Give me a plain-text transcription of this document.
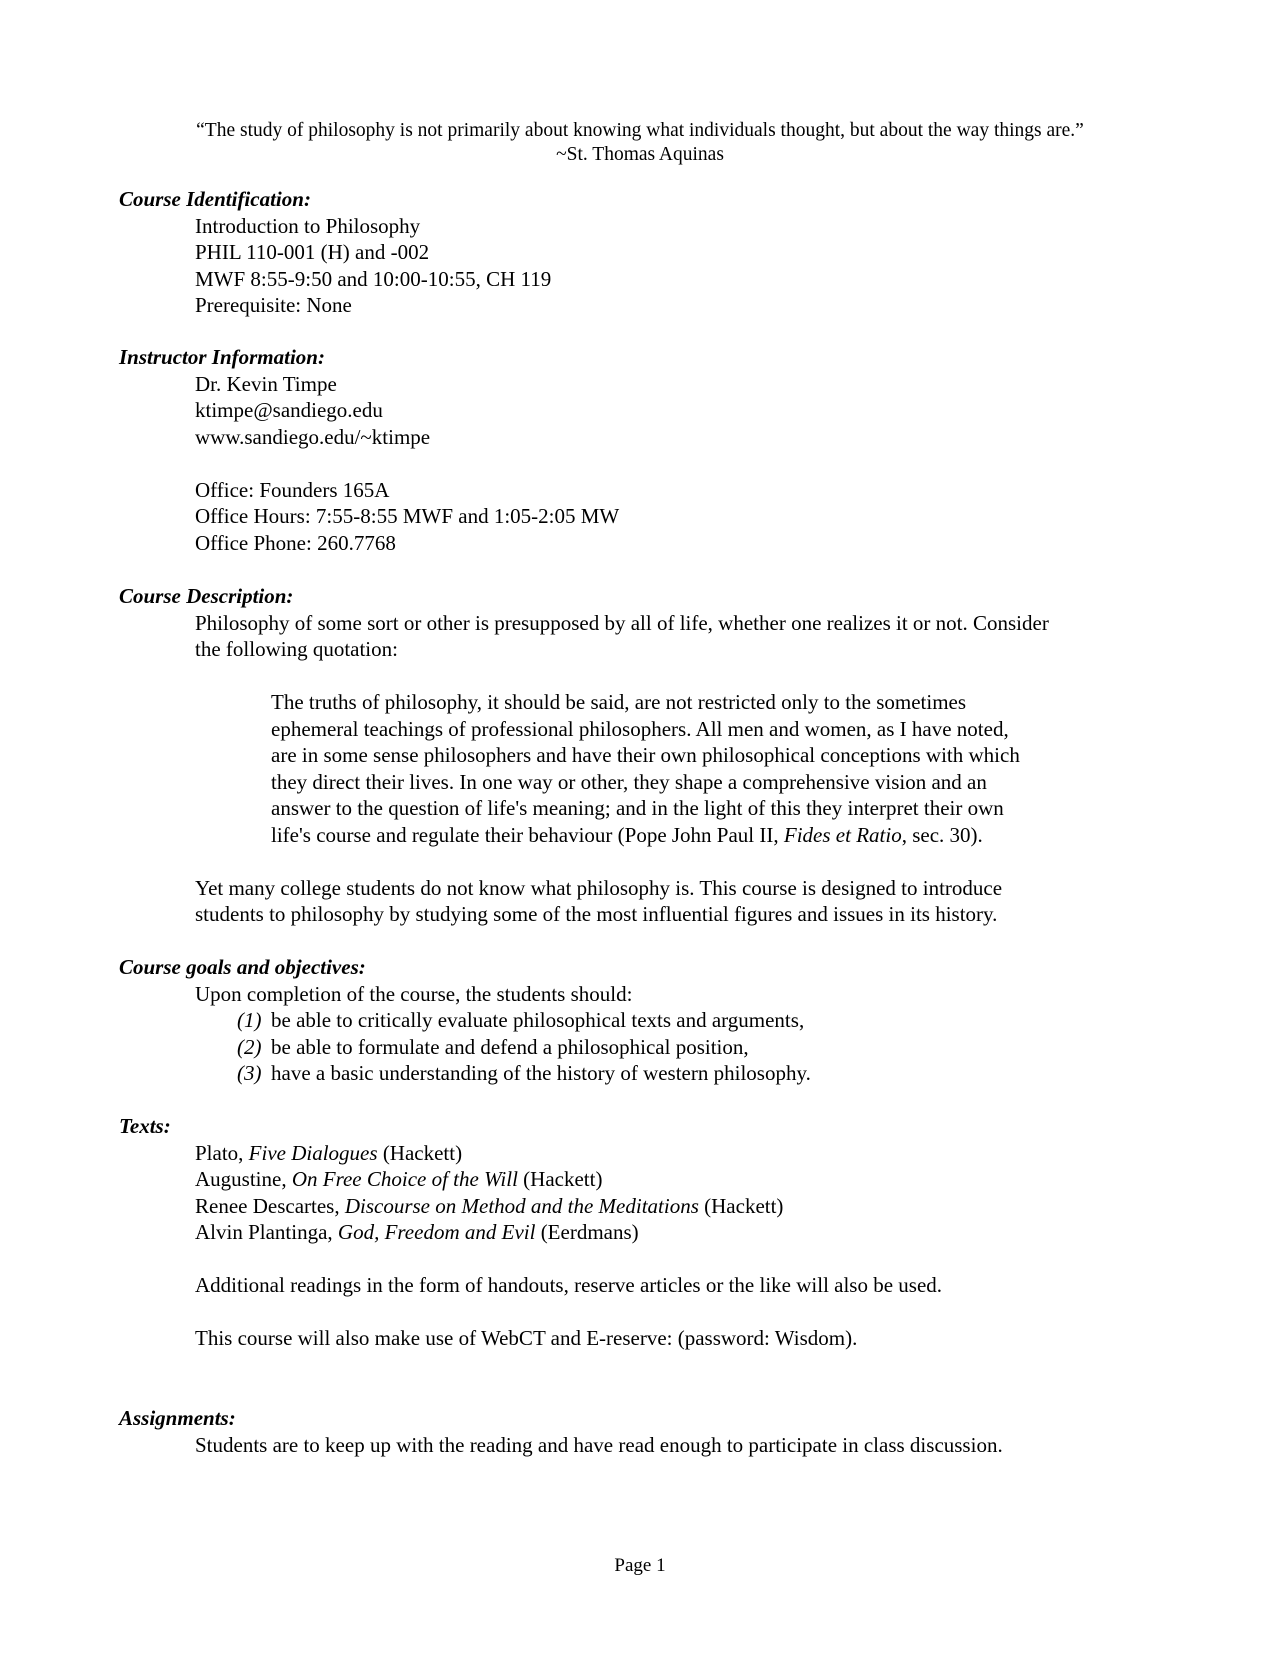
“The study of philosophy is not primarily about knowing what individuals thought, but about the way things are.”
~St. Thomas Aquinas
Course Identification:
Introduction to Philosophy
PHIL 110-001 (H) and -002
MWF 8:55-9:50 and 10:00-10:55, CH 119
Prerequisite: None
Instructor Information:
Dr. Kevin Timpe
ktimpe@sandiego.edu
www.sandiego.edu/~ktimpe
Office: Founders 165A
Office Hours: 7:55-8:55 MWF and 1:05-2:05 MW
Office Phone: 260.7768
Course Description:
Philosophy of some sort or other is presupposed by all of life, whether one realizes it or not. Consider
the following quotation:
The truths of philosophy, it should be said, are not restricted only to the sometimes
ephemeral teachings of professional philosophers. All men and women, as I have noted,
are in some sense philosophers and have their own philosophical conceptions with which
they direct their lives. In one way or other, they shape a comprehensive vision and an
answer to the question of life's meaning; and in the light of this they interpret their own
life's course and regulate their behaviour (Pope John Paul II, Fides et Ratio, sec. 30).
Yet many college students do not know what philosophy is. This course is designed to introduce
students to philosophy by studying some of the most influential figures and issues in its history.
Course goals and objectives:
Upon completion of the course, the students should:
(1) be able to critically evaluate philosophical texts and arguments,
(2) be able to formulate and defend a philosophical position,
(3) have a basic understanding of the history of western philosophy.
Texts:
Plato, Five Dialogues (Hackett)
Augustine, On Free Choice of the Will (Hackett)
Renee Descartes, Discourse on Method and the Meditations (Hackett)
Alvin Plantinga, God, Freedom and Evil (Eerdmans)
Additional readings in the form of handouts, reserve articles or the like will also be used.
This course will also make use of WebCT and E-reserve: (password: Wisdom).
Assignments:
Students are to keep up with the reading and have read enough to participate in class discussion.
Page 1
